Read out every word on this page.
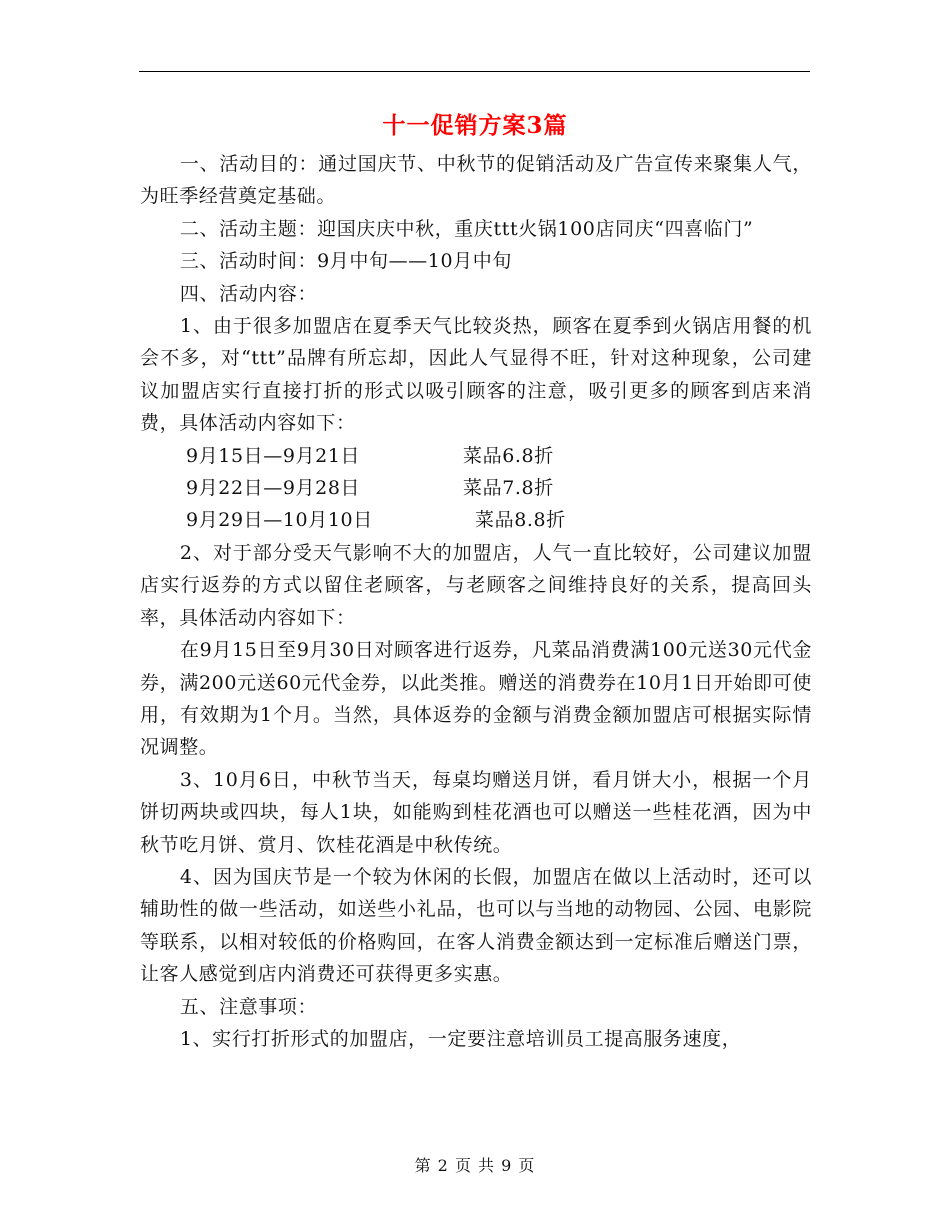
十一促销方案3篇

一、活动目的：通过国庆节、中秋节的促销活动及广告宣传来聚集人气，为旺季经营奠定基础。

二、活动主题：迎国庆庆中秋，重庆ttt火锅100店同庆“四喜临门”

三、活动时间：9月中旬——10月中旬

四、活动内容：

1、由于很多加盟店在夏季天气比较炎热，顾客在夏季到火锅店用餐的机会不多，对“ttt”品牌有所忘却，因此人气显得不旺，针对这种现象，公司建议加盟店实行直接打折的形式以吸引顾客的注意，吸引更多的顾客到店来消费，具体活动内容如下：

9月15日—9月21日	菜品6.8折
9月22日—9月28日	菜品7.8折
9月29日—10月10日	菜品8.8折

2、对于部分受天气影响不大的加盟店，人气一直比较好，公司建议加盟店实行返券的方式以留住老顾客，与老顾客之间维持良好的关系，提高回头率，具体活动内容如下：

在9月15日至9月30日对顾客进行返券，凡菜品消费满100元送30元代金券，满200元送60元代金券，以此类推。赠送的消费券在10月1日开始即可使用，有效期为1个月。当然，具体返券的金额与消费金额加盟店可根据实际情况调整。

3、10月6日，中秋节当天，每桌均赠送月饼，看月饼大小，根据一个月饼切两块或四块，每人1块，如能购到桂花酒也可以赠送一些桂花酒，因为中秋节吃月饼、赏月、饮桂花酒是中秋传统。

4、因为国庆节是一个较为休闲的长假，加盟店在做以上活动时，还可以辅助性的做一些活动，如送些小礼品，也可以与当地的动物园、公园、电影院等联系，以相对较低的价格购回，在客人消费金额达到一定标准后赠送门票，让客人感觉到店内消费还可获得更多实惠。

五、注意事项：

1、实行打折形式的加盟店，一定要注意培训员工提高服务速度，

第 2 页 共 9 页
